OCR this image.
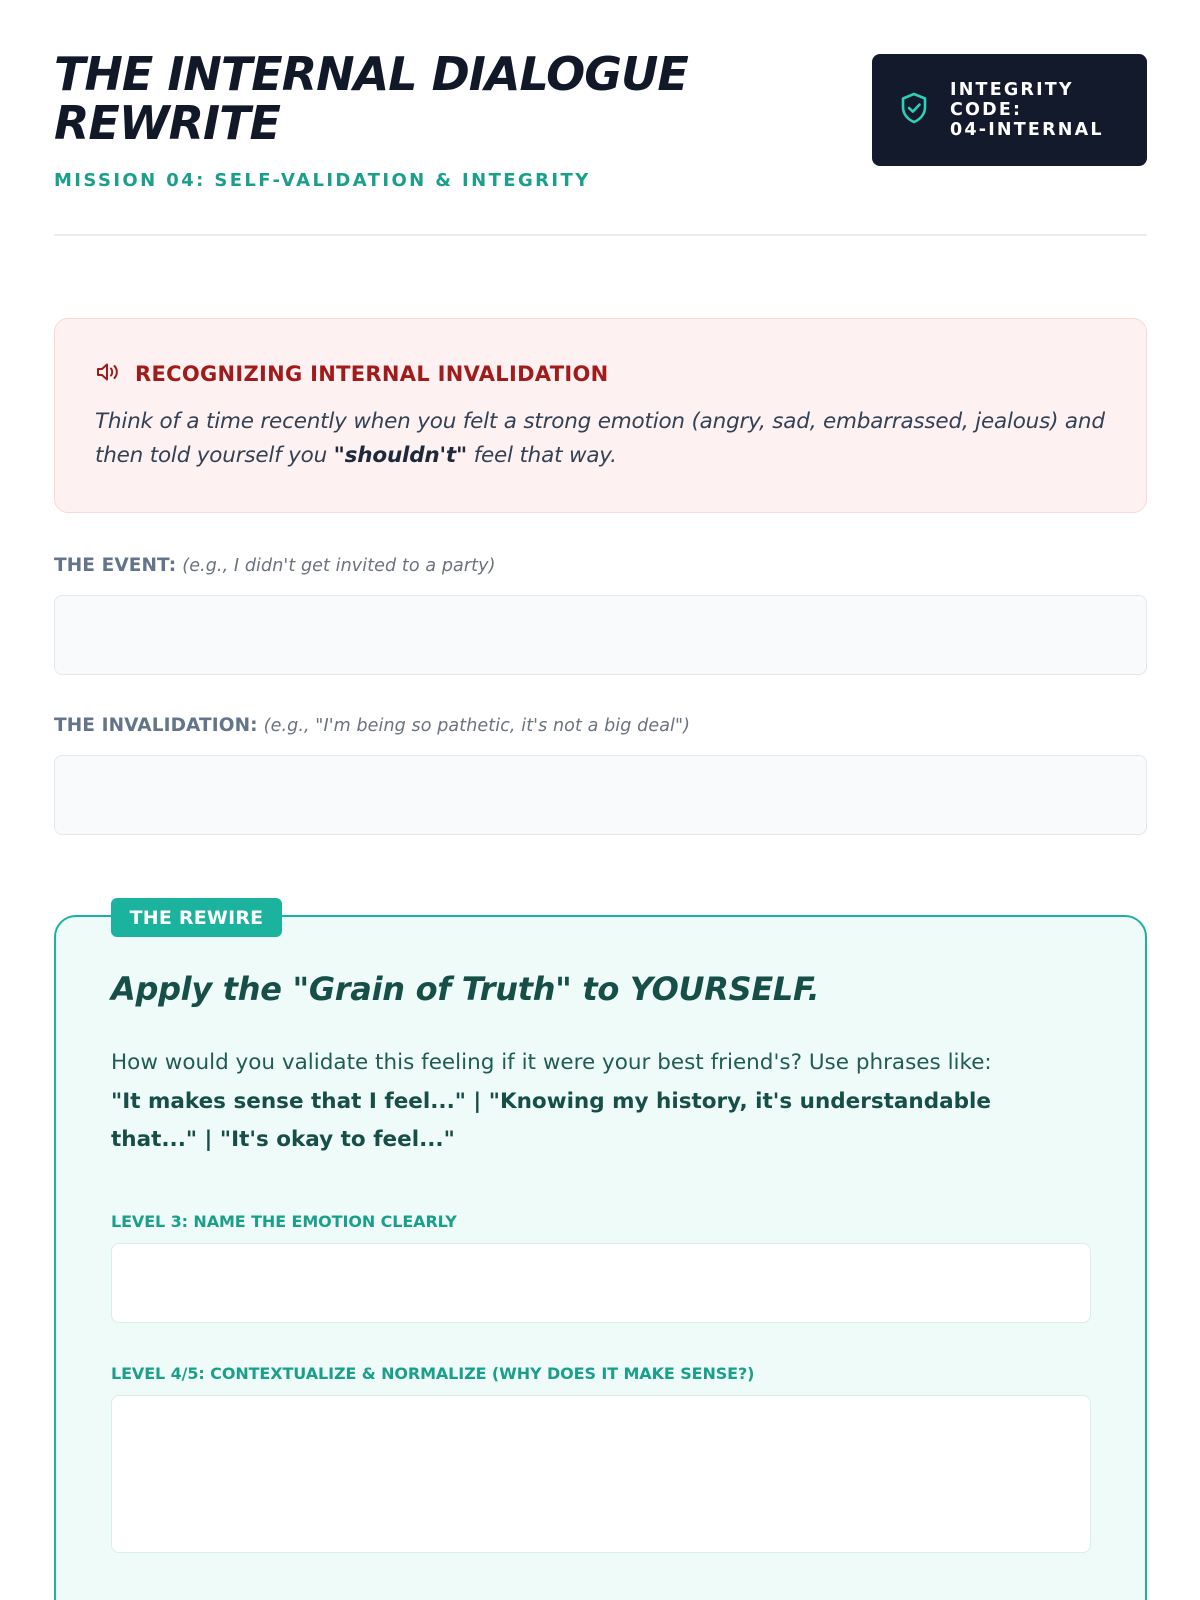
THE INTERNAL DIALOGUE REWRITE
MISSION 04: SELF-VALIDATION & INTEGRITY
INTEGRITY
CODE:
04-INTERNAL
RECOGNIZING INTERNAL INVALIDATION

Think of a time recently when you felt a strong emotion (angry, sad, embarrassed, jealous) and then told yourself you "shouldn't" feel that way.

THE EVENT: (e.g., I didn't get invited to a party)
THE INVALIDATION: (e.g., "I'm being so pathetic, it's not a big deal")
THE REWIRE
Apply the "Grain of Truth" to YOURSELF.
How would you validate this feeling if it were your best friend's? Use phrases like:
"It makes sense that I feel..." | "Knowing my history, it's understandable that..." | "It's okay to feel..."
LEVEL 3: NAME THE EMOTION CLEARLY
LEVEL 4/5: CONTEXTUALIZE & NORMALIZE (WHY DOES IT MAKE SENSE?)
